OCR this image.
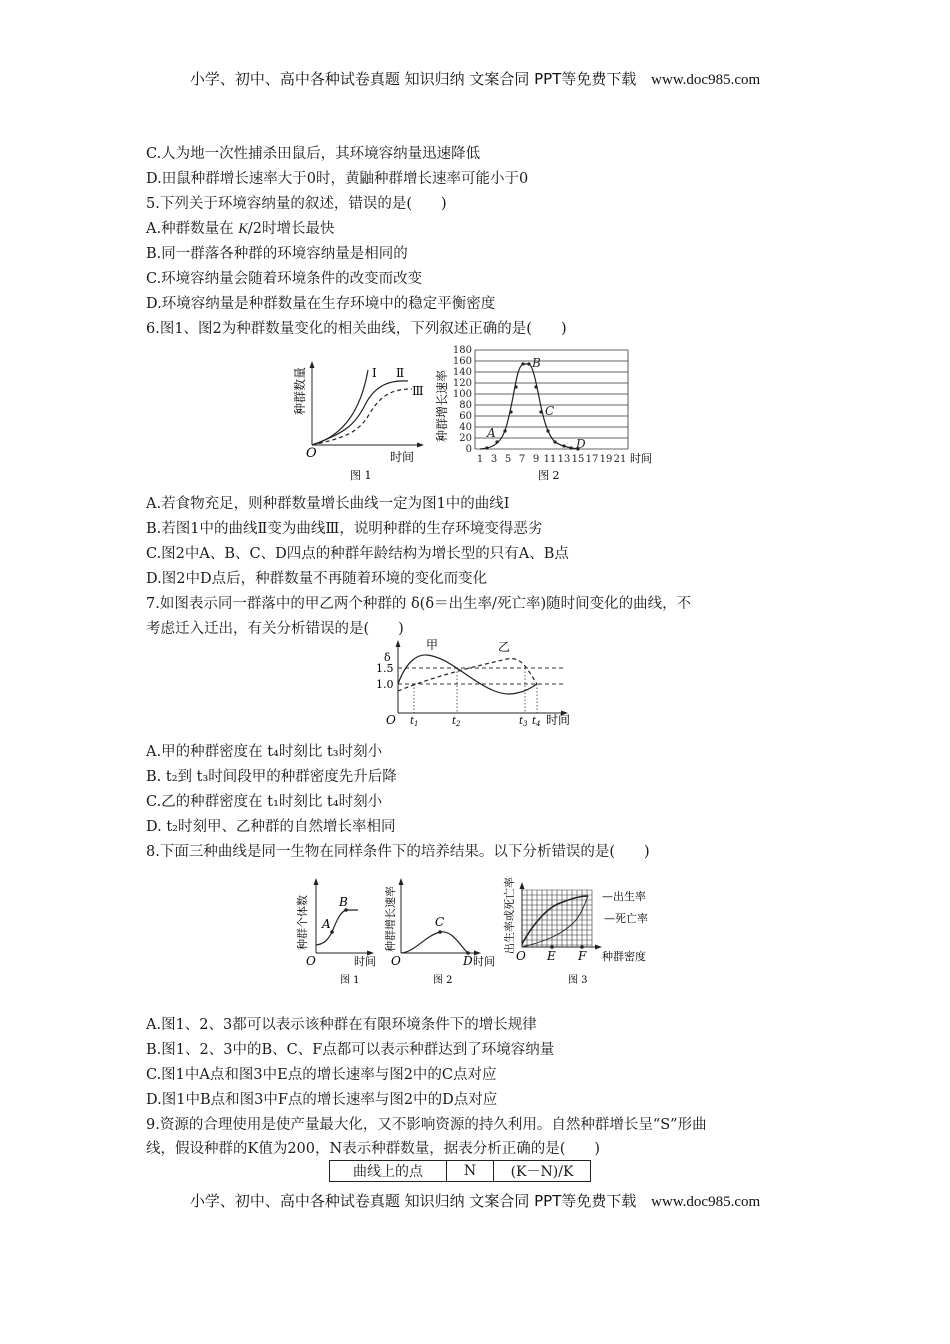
小学、初中、高中各种试卷真题 知识归纳 文案合同 PPT等免费下载 www.doc985.com
C.人为地一次性捕杀田鼠后，其环境容纳量迅速降低
D.田鼠种群增长速率大于0时，黄鼬种群增长速率可能小于0
5.下列关于环境容纳量的叙述，错误的是(　　)
A.种群数量在 K/2时增长最快
B.同一群落各种群的环境容纳量是相同的
C.环境容纳量会随着环境条件的改变而改变
D.环境容纳量是种群数量在生存环境中的稳定平衡密度
6.图1、图2为种群数量变化的相关曲线，下列叙述正确的是(　　)
O	时间
Ⅰ Ⅱ
Ⅲ
图 1
种群数量
180
160
140
120
100
80
60
40
20
0
1 3 5 7 9 11 13 15 17 19 21 时间
A
B
C
D
种群增长速率
图 2
A.若食物充足，则种群数量增长曲线一定为图1中的曲线Ⅰ
B.若图1中的曲线Ⅱ变为曲线Ⅲ，说明种群的生存环境变得恶劣
C.图2中A、B、C、D四点的种群年龄结构为增长型的只有A、B点
D.图2中D点后，种群数量不再随着环境的变化而变化
7.如图表示同一群落中的甲乙两个种群的 δ(δ＝出生率/死亡率)随时间变化的曲线，不
考虑迁入迁出，有关分析错误的是(　　)
甲	乙
δ
1.5
1.0
O $t_1$	$t_2$	$t_3$ $t_4$ 时间
A.甲的种群密度在 t₄时刻比 t₃时刻小
B. t₂到 t₃时间段甲的种群密度先升后降
C.乙的种群密度在 t₁时刻比 t₄时刻小
D. t₂时刻甲、乙种群的自然增长率相同
8.下面三种曲线是同一生物在同样条件下的培养结果。以下分析错误的是(　　)
A
B
O	时间
种群个体数
图 1
C
O	D 时间
种群增长速率
图 2
O E F 种群密度
—出生率
—死亡率
出生率或死亡率
图 3
A.图1、2、3都可以表示该种群在有限环境条件下的增长规律
B.图1、2、3中的B、C、F点都可以表示种群达到了环境容纳量
C.图1中A点和图3中E点的增长速率与图2中的C点对应
D.图1中B点和图3中F点的增长速率与图2中的D点对应
9.资源的合理使用是使产量最大化，又不影响资源的持久利用。自然种群增长呈“S”形曲
线，假设种群的K值为200，N表示种群数量，据表分析正确的是(　　)
曲线上的点	N	(K－N)/K
小学、初中、高中各种试卷真题 知识归纳 文案合同 PPT等免费下载 www.doc985.com
